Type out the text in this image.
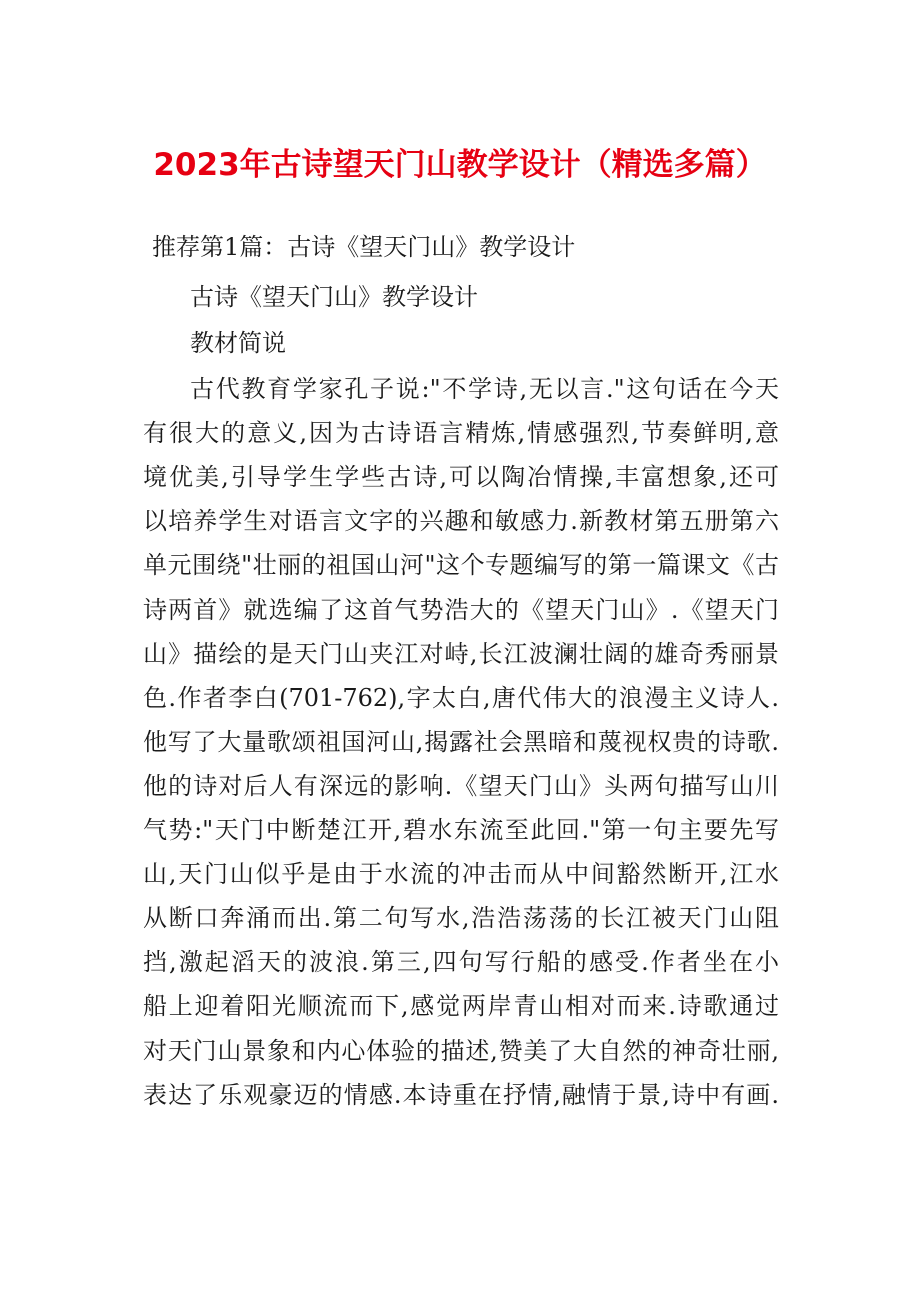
2023年古诗望天门山教学设计（精选多篇）

推荐第1篇：古诗《望天门山》教学设计

古诗《望天门山》教学设计

教材简说

古代教育学家孔子说:"不学诗,无以言."这句话在今天

有很大的意义,因为古诗语言精炼,情感强烈,节奏鲜明,意

境优美,引导学生学些古诗,可以陶冶情操,丰富想象,还可

以培养学生对语言文字的兴趣和敏感力.新教材第五册第六

单元围绕"壮丽的祖国山河"这个专题编写的第一篇课文《古

诗两首》就选编了这首气势浩大的《望天门山》.《望天门

山》描绘的是天门山夹江对峙,长江波澜壮阔的雄奇秀丽景

色.作者李白(701-762),字太白,唐代伟大的浪漫主义诗人.

他写了大量歌颂祖国河山,揭露社会黑暗和蔑视权贵的诗歌.

他的诗对后人有深远的影响.《望天门山》头两句描写山川

气势:"天门中断楚江开,碧水东流至此回."第一句主要先写

山,天门山似乎是由于水流的冲击而从中间豁然断开,江水

从断口奔涌而出.第二句写水,浩浩荡荡的长江被天门山阻

挡,激起滔天的波浪.第三,四句写行船的感受.作者坐在小

船上迎着阳光顺流而下,感觉两岸青山相对而来.诗歌通过

对天门山景象和内心体验的描述,赞美了大自然的神奇壮丽,

表达了乐观豪迈的情感.本诗重在抒情,融情于景,诗中有画.
